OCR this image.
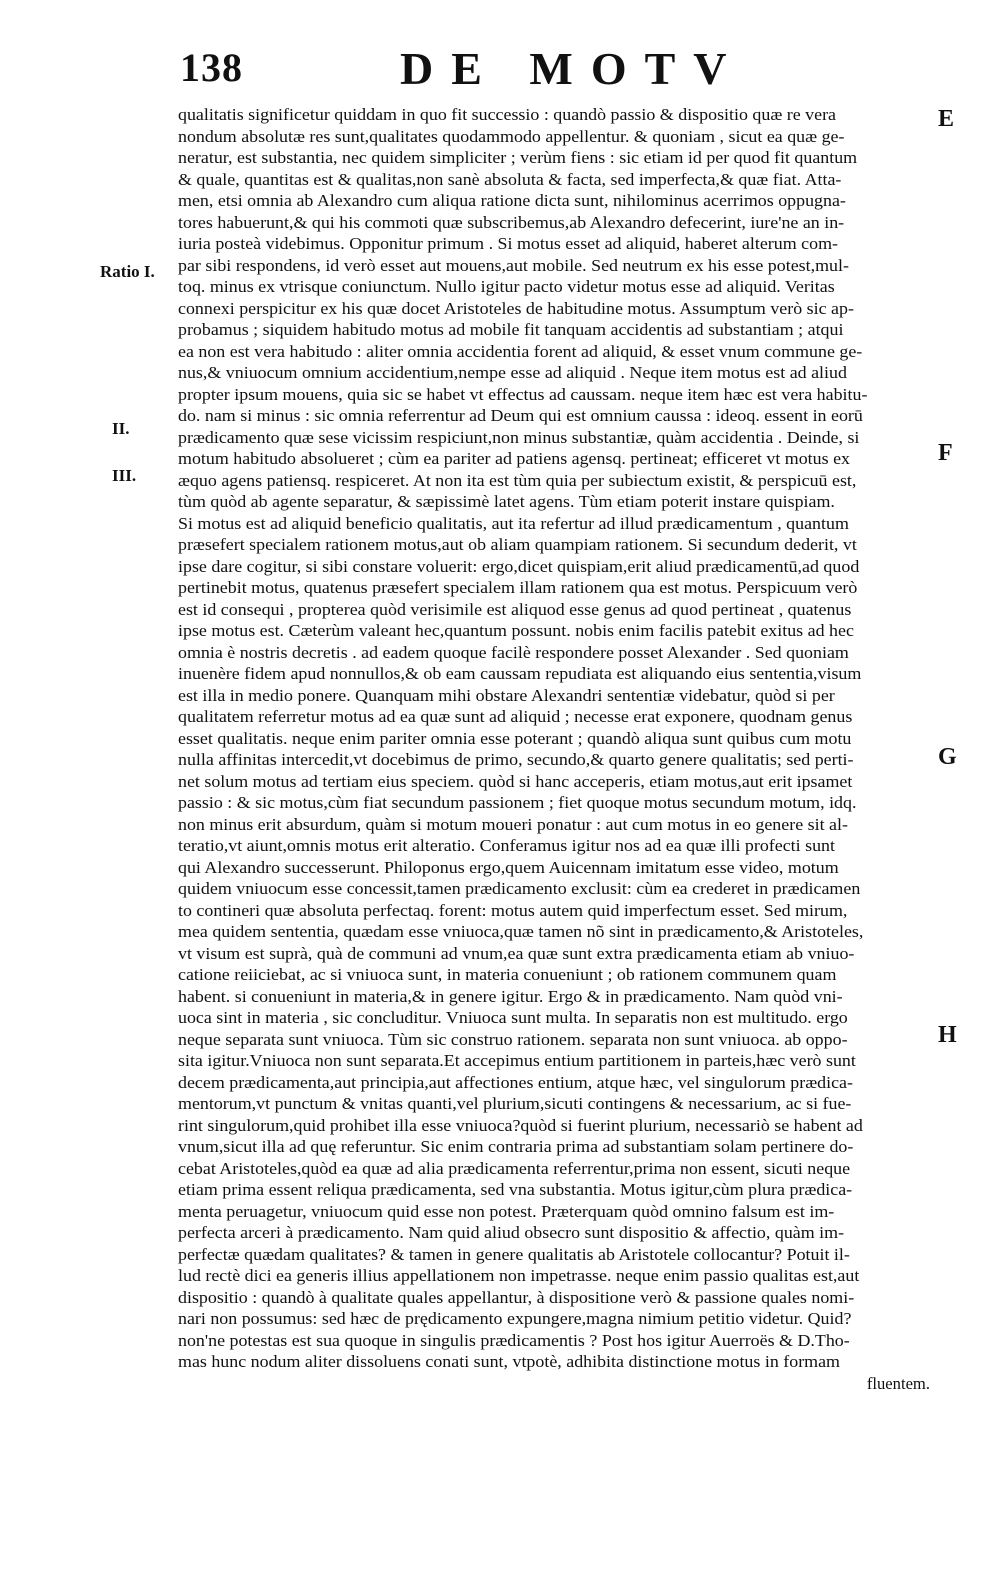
138	DE MOTV
Ratio I.
II.
III.
E
F
G
H
qualitatis significetur quiddam in quo fit successio : quandò passio & dispositio quæ re vera
nondum absolutæ res sunt,qualitates quodammodo appellentur. & quoniam , sicut ea quæ ge-
neratur, est substantia, nec quidem simpliciter ; verùm fiens : sic etiam id per quod fit quantum
& quale, quantitas est & qualitas,non sanè absoluta & facta, sed imperfecta,& quæ fiat. Atta-
men, etsi omnia ab Alexandro cum aliqua ratione dicta sunt, nihilominus acerrimos oppugna-
tores habuerunt,& qui his commoti quæ subscribemus,ab Alexandro defecerint, iure'ne an in-
iuria posteà videbimus. Opponitur primum . Si motus esset ad aliquid, haberet alterum com-
par sibi respondens, id verò esset aut mouens,aut mobile. Sed neutrum ex his esse potest,mul-
toq. minus ex vtrisque coniunctum. Nullo igitur pacto videtur motus esse ad aliquid. Veritas
connexi perspicitur ex his quæ docet Aristoteles de habitudine motus. Assumptum verò sic ap-
probamus ; siquidem habitudo motus ad mobile fit tanquam accidentis ad substantiam ; atqui
ea non est vera habitudo : aliter omnia accidentia forent ad aliquid, & esset vnum commune ge-
nus,& vniuocum omnium accidentium,nempe esse ad aliquid . Neque item motus est ad aliud
propter ipsum mouens, quia sic se habet vt effectus ad caussam. neque item hæc est vera habitu-
do. nam si minus : sic omnia referrentur ad Deum qui est omnium caussa : ideoq. essent in eorū
prædicamento quæ sese vicissim respiciunt,non minus substantiæ, quàm accidentia . Deinde, si
motum habitudo absolueret ; cùm ea pariter ad patiens agensq. pertineat; efficeret vt motus ex
æquo agens patiensq. respiceret. At non ita est tùm quia per subiectum existit, & perspicuū est,
tùm quòd ab agente separatur, & sæpissimè latet agens. Tùm etiam poterit instare quispiam.
Si motus est ad aliquid beneficio qualitatis, aut ita refertur ad illud prædicamentum , quantum
præsefert specialem rationem motus,aut ob aliam quampiam rationem. Si secundum dederit, vt
ipse dare cogitur, si sibi constare voluerit: ergo,dicet quispiam,erit aliud prædicamentū,ad quod
pertinebit motus, quatenus præsefert specialem illam rationem qua est motus. Perspicuum verò
est id consequi , propterea quòd verisimile est aliquod esse genus ad quod pertineat , quatenus
ipse motus est. Cæterùm valeant hec,quantum possunt. nobis enim facilis patebit exitus ad hec
omnia è nostris decretis . ad eadem quoque facilè respondere posset Alexander . Sed quoniam
inuenère fidem apud nonnullos,& ob eam caussam repudiata est aliquando eius sententia,visum
est illa in medio ponere. Quanquam mihi obstare Alexandri sententiæ videbatur, quòd si per
qualitatem referretur motus ad ea quæ sunt ad aliquid ; necesse erat exponere, quodnam genus
esset qualitatis. neque enim pariter omnia esse poterant ; quandò aliqua sunt quibus cum motu
nulla affinitas intercedit,vt docebimus de primo, secundo,& quarto genere qualitatis; sed perti-
net solum motus ad tertiam eius speciem. quòd si hanc acceperis, etiam motus,aut erit ipsamet
passio : & sic motus,cùm fiat secundum passionem ; fiet quoque motus secundum motum, idq.
non minus erit absurdum, quàm si motum moueri ponatur : aut cum motus in eo genere sit al-
teratio,vt aiunt,omnis motus erit alteratio. Conferamus igitur nos ad ea quæ illi profecti sunt
qui Alexandro successerunt. Philoponus ergo,quem Auicennam imitatum esse video, motum
quidem vniuocum esse concessit,tamen prædicamento exclusit: cùm ea crederet in prædicamen
to contineri quæ absoluta perfectaq. forent: motus autem quid imperfectum esset. Sed mirum,
mea quidem sententia, quædam esse vniuoca,quæ tamen nõ sint in prædicamento,& Aristoteles,
vt visum est suprà, quà de communi ad vnum,ea quæ sunt extra prædicamenta etiam ab vniuo-
catione reiiciebat, ac si vniuoca sunt, in materia conueniunt ; ob rationem communem quam
habent. si conueniunt in materia,& in genere igitur. Ergo & in prædicamento. Nam quòd vni-
uoca sint in materia , sic concluditur. Vniuoca sunt multa. In separatis non est multitudo. ergo
neque separata sunt vniuoca. Tùm sic construo rationem. separata non sunt vniuoca. ab oppo-
sita igitur.Vniuoca non sunt separata.Et accepimus entium partitionem in parteis,hæc verò sunt
decem prædicamenta,aut principia,aut affectiones entium, atque hæc, vel singulorum prædica-
mentorum,vt punctum & vnitas quanti,vel plurium,sicuti contingens & necessarium, ac si fue-
rint singulorum,quid prohibet illa esse vniuoca?quòd si fuerint plurium, necessariò se habent ad
vnum,sicut illa ad quę referuntur. Sic enim contraria prima ad substantiam solam pertinere do-
cebat Aristoteles,quòd ea quæ ad alia prædicamenta referrentur,prima non essent, sicuti neque
etiam prima essent reliqua prædicamenta, sed vna substantia. Motus igitur,cùm plura prædica-
menta peruagetur, vniuocum quid esse non potest. Præterquam quòd omnino falsum est im-
perfecta arceri à prædicamento. Nam quid aliud obsecro sunt dispositio & affectio, quàm im-
perfectæ quædam qualitates? & tamen in genere qualitatis ab Aristotele collocantur? Potuit il-
lud rectè dici ea generis illius appellationem non impetrasse. neque enim passio qualitas est,aut
dispositio : quandò à qualitate quales appellantur, à dispositione verò & passione quales nomi-
nari non possumus: sed hæc de prędicamento expungere,magna nimium petitio videtur. Quid?
non'ne potestas est sua quoque in singulis prædicamentis ? Post hos igitur Auerroës & D.Tho-
mas hunc nodum aliter dissoluens conati sunt, vtpotè, adhibita distinctione motus in formam
fluentem.
